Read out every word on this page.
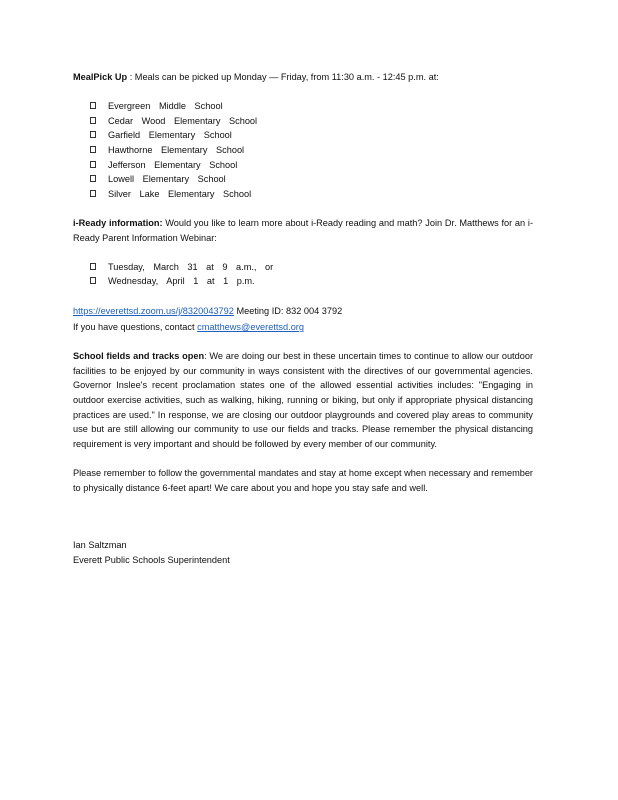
MealPick Up : Meals can be picked up Monday — Friday, from 11:30 a.m. - 12:45 p.m. at:

Evergreen Middle School
Cedar Wood Elementary School
Garfield Elementary School
Hawthorne Elementary School
Jefferson Elementary School
Lowell Elementary School
Silver Lake Elementary School

i-Ready information: Would you like to learn more about i-Ready reading and math? Join Dr. Matthews for an i-Ready Parent Information Webinar:

Tuesday, March 31 at 9 a.m., or
Wednesday, April 1 at 1 p.m.

https://everettsd.zoom.us/j/8320043792 Meeting ID: 832 004 3792

If you have questions, contact cmatthews@everettsd.org

School fields and tracks open: We are doing our best in these uncertain times to continue to allow our outdoor facilities to be enjoyed by our community in ways consistent with the directives of our governmental agencies. Governor Inslee's recent proclamation states one of the allowed essential activities includes: "Engaging in outdoor exercise activities, such as walking, hiking, running or biking, but only if appropriate physical distancing practices are used." In response, we are closing our outdoor playgrounds and covered play areas to community use but are still allowing our community to use our fields and tracks. Please remember the physical distancing requirement is very important and should be followed by every member of our community.

Please remember to follow the governmental mandates and stay at home except when necessary and remember to physically distance 6-feet apart! We care about you and hope you stay safe and well.

Ian Saltzman

Everett Public Schools Superintendent
